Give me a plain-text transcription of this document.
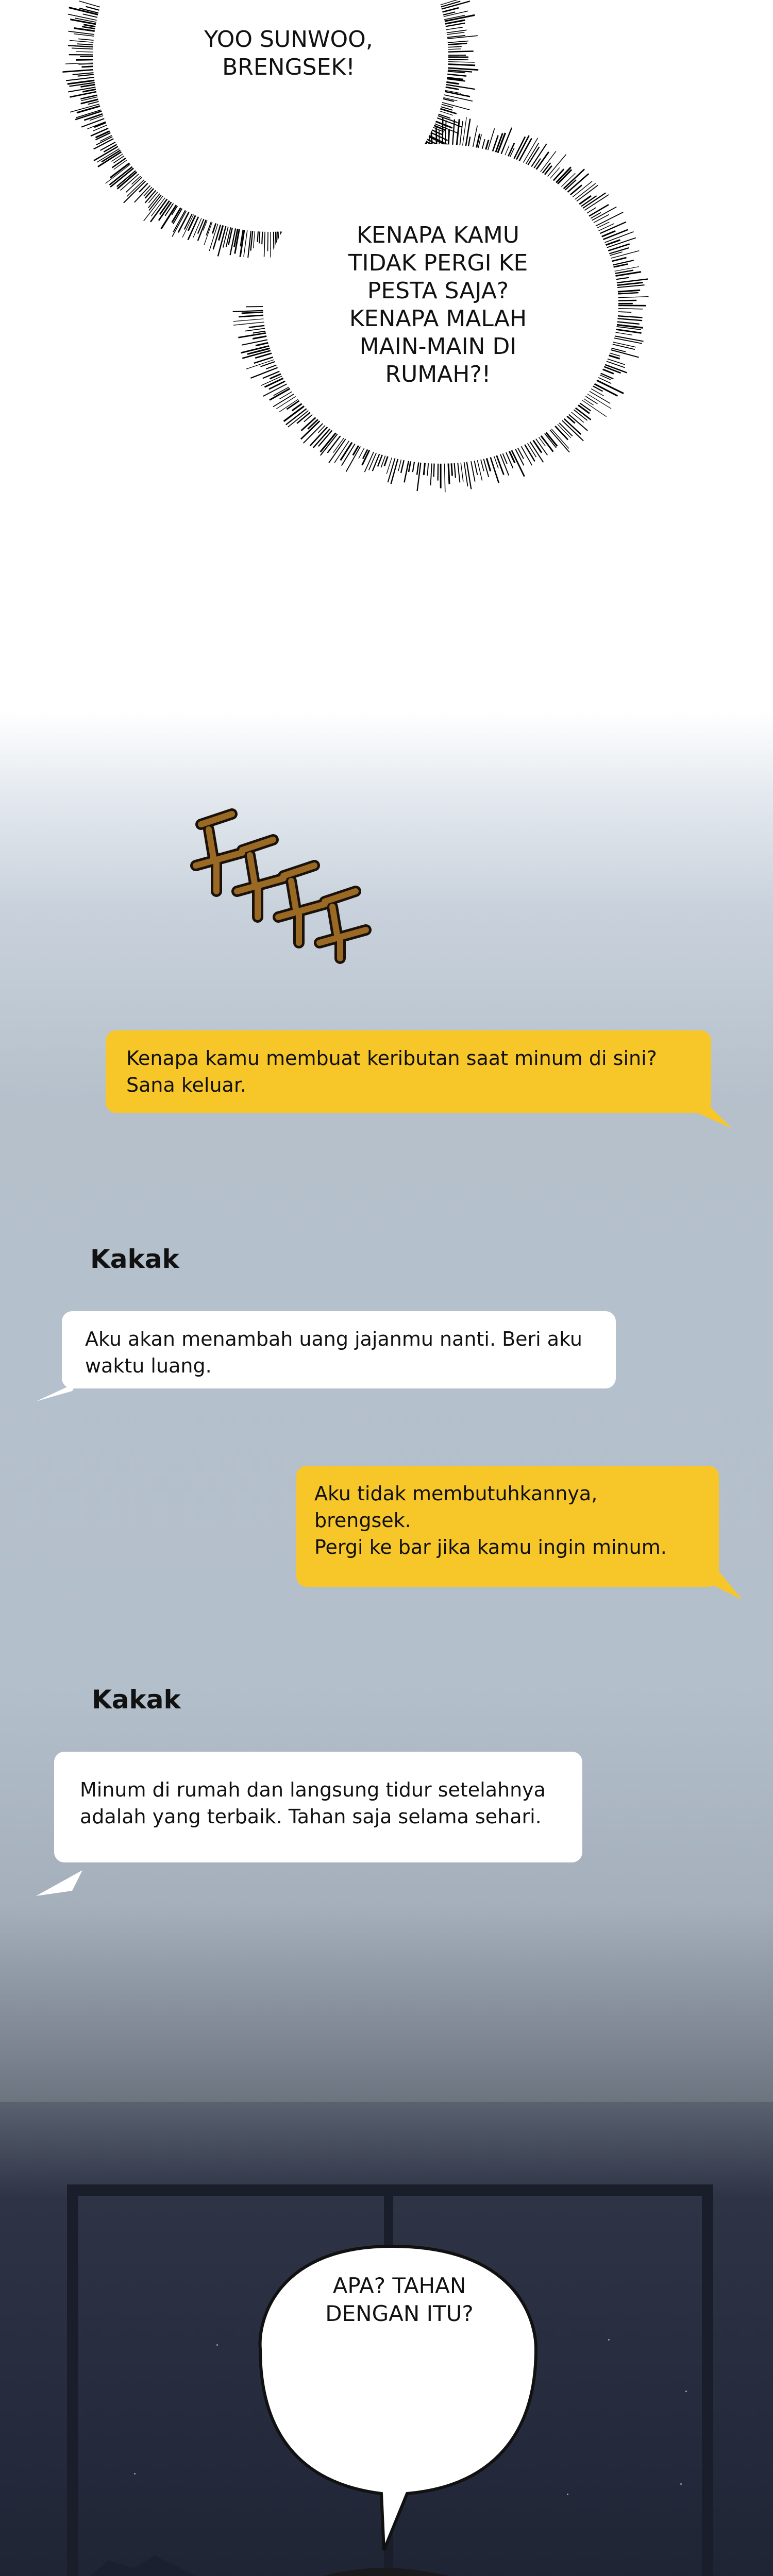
YOO SUNWOO,
BRENGSEK!
KENAPA KAMU
TIDAK PERGI KE
PESTA SAJA?
KENAPA MALAH
MAIN-MAIN DI
RUMAH?!
Kenapa kamu membuat keributan saat minum di sini?
Sana keluar.
Kakak
Aku akan menambah uang jajanmu nanti. Beri aku
waktu luang.
Aku tidak membutuhkannya, brengsek.
Pergi ke bar jika kamu ingin minum.
Kakak
Minum di rumah dan langsung tidur setelahnya
adalah yang terbaik. Tahan saja selama sehari.
APA? TAHAN
DENGAN ITU?
